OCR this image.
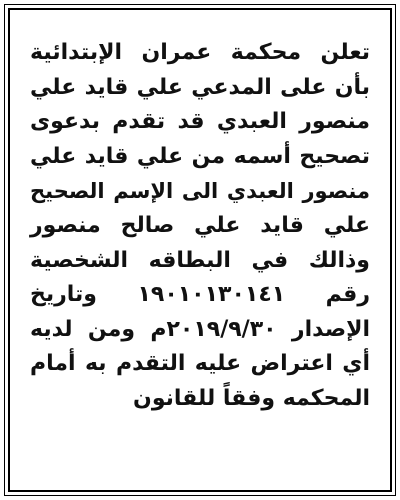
تعلن محكمة عمران الإبتدائية
بأن على المدعي علي قايد علي
منصور العبدي قد تقدم بدعوى
تصحيح أسمه من علي قايد علي
منصور العبدي الى الإسم الصحيح
علي قايد علي صالح منصور
وذالك في البطاقه الشخصية
رقم ١٩٠١٠١٣٠١٤١ وتاريخ
الإصدار ٢٠١٩/٩/٣٠م ومن لديه
أي اعتراض عليه التقدم به أمام
المحكمه وفقاً للقانون
